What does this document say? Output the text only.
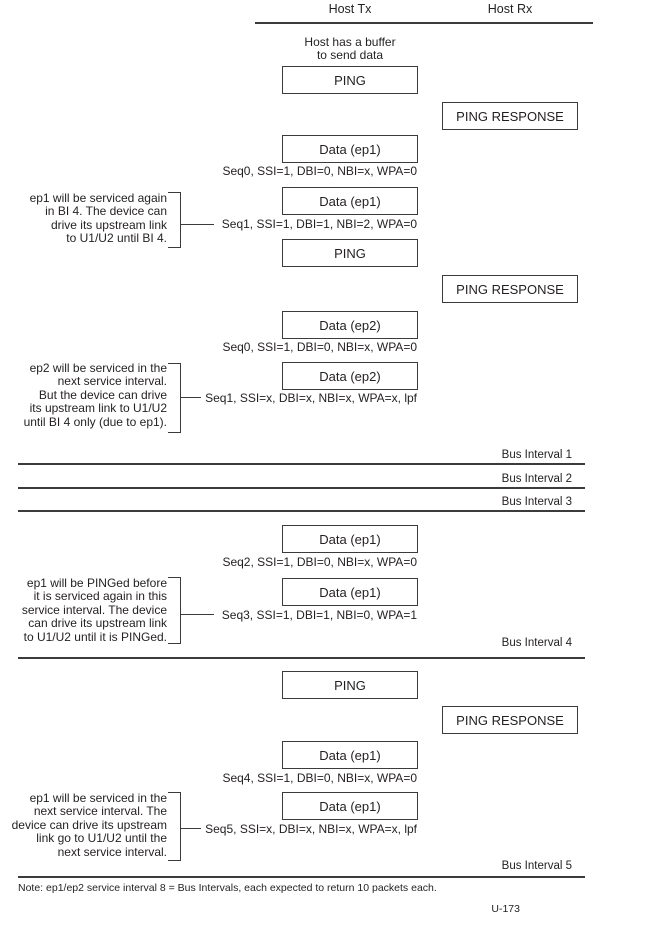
Host Tx	Host Rx
Host has a buffer
to send data
PING
PING RESPONSE
Data (ep1)
Seq0, SSI=1, DBI=0, NBI=x, WPA=0
Data (ep1)
Seq1, SSI=1, DBI=1, NBI=2, WPA=0
PING
PING RESPONSE
Data (ep2)
Seq0, SSI=1, DBI=0, NBI=x, WPA=0
Data (ep2)
Seq1, SSI=x, DBI=x, NBI=x, WPA=x, lpf
Bus Interval 1
Bus Interval 2
Bus Interval 3
Data (ep1)
Seq2, SSI=1, DBI=0, NBI=x, WPA=0
Data (ep1)
Seq3, SSI=1, DBI=1, NBI=0, WPA=1
Bus Interval 4
PING
PING RESPONSE
Data (ep1)
Seq4, SSI=1, DBI=0, NBI=x, WPA=0
Data (ep1)
Seq5, SSI=x, DBI=x, NBI=x, WPA=x, lpf
Bus Interval 5
ep1 will be serviced again
in BI 4. The device can
drive its upstream link
to U1/U2 until BI 4.
ep2 will be serviced in the
next service interval.
But the device can drive
its upstream link to U1/U2
until BI 4 only (due to ep1).
ep1 will be PINGed before
it is serviced again in this
service interval. The device
can drive its upstream link
to U1/U2 until it is PINGed.
ep1 will be serviced in the
next service interval. The
device can drive its upstream
link go to U1/U2 until the
next service interval.
Note: ep1/ep2 service interval 8 = Bus Intervals, each expected to return 10 packets each.
U-173
